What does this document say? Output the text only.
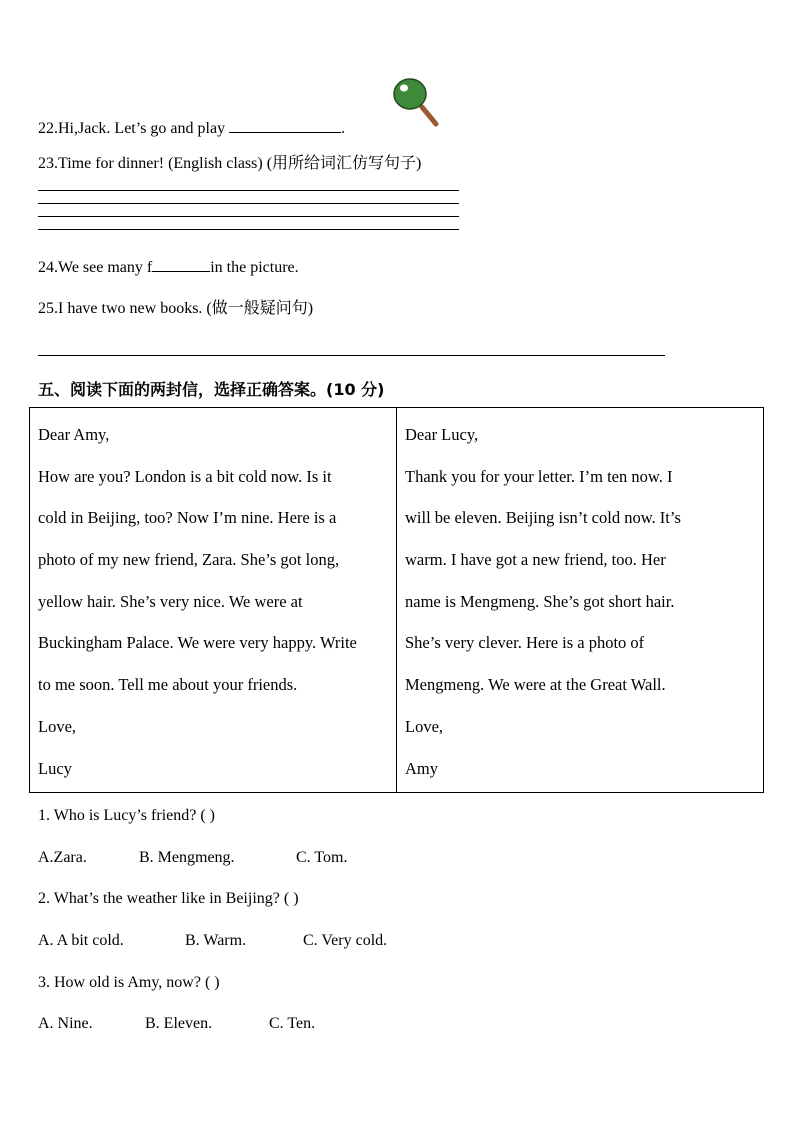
22.Hi,Jack. Let’s go and play	.
23.Time for dinner! (English class) (用所给词汇仿写句子)
24.We see many f	in the picture.
25.I have two new books. (做一般疑问句)
五、阅读下面的两封信，选择正确答案。(10 分)

Dear Amy,

How are you? London is a bit cold now. Is it

cold in Beijing, too? Now I’m nine. Here is a

photo of my new friend, Zara. She’s got long,

yellow hair. She’s very nice. We were at

Buckingham Palace. We were very happy. Write

to me soon. Tell me about your friends.

Love,

Lucy

Dear Lucy,

Thank you for your letter. I’m ten now. I

will be eleven. Beijing isn’t cold now. It’s

warm. I have got a new friend, too. Her

name is Mengmeng. She’s got short hair.

She’s very clever. Here is a photo of

Mengmeng. We were at the Great Wall.

Love,

Amy

1. Who is Lucy’s friend? ( )
A.Zara.	B. Mengmeng.	C. Tom.
2. What’s the weather like in Beijing? ( )
A. A bit cold.	B. Warm.	C. Very cold.
3. How old is Amy, now? ( )
A. Nine.	B. Eleven.	C. Ten.
